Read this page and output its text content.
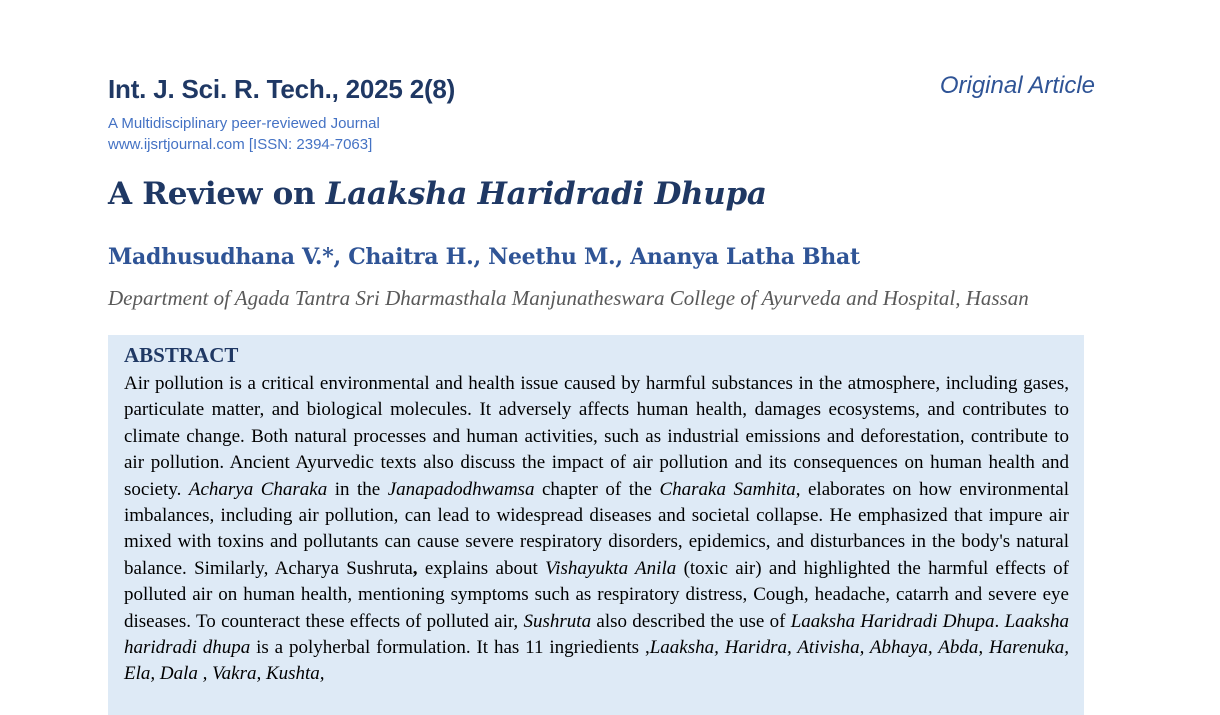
Int. J. Sci. R. Tech., 2025 2(8)
A Multidisciplinary peer-reviewed Journal
www.ijsrtjournal.com [ISSN: 2394-7063]
Original Article
A Review on Laaksha Haridradi Dhupa
Madhusudhana V.*, Chaitra H., Neethu M., Ananya Latha Bhat
Department of Agada Tantra Sri Dharmasthala Manjunatheswara College of Ayurveda and Hospital, Hassan
ABSTRACT
Air pollution is a critical environmental and health issue caused by harmful substances in the atmosphere, including gases, particulate matter, and biological molecules. It adversely affects human health, damages ecosystems, and contributes to climate change. Both natural processes and human activities, such as industrial emissions and deforestation, contribute to air pollution. Ancient Ayurvedic texts also discuss the impact of air pollution and its consequences on human health and society. Acharya Charaka in the Janapadodhwamsa chapter of the Charaka Samhita, elaborates on how environmental imbalances, including air pollution, can lead to widespread diseases and societal collapse. He emphasized that impure air mixed with toxins and pollutants can cause severe respiratory disorders, epidemics, and disturbances in the body's natural balance. Similarly, Acharya Sushruta, explains about Vishayukta Anila (toxic air) and highlighted the harmful effects of polluted air on human health, mentioning symptoms such as respiratory distress, Cough, headache, catarrh and severe eye diseases. To counteract these effects of polluted air, Sushruta also described the use of Laaksha Haridradi Dhupa. Laaksha haridradi dhupa is a polyherbal formulation. It has 11 ingriedients ,Laaksha, Haridra, Ativisha, Abhaya, Abda, Harenuka, Ela, Dala , Vakra, Kushta,
